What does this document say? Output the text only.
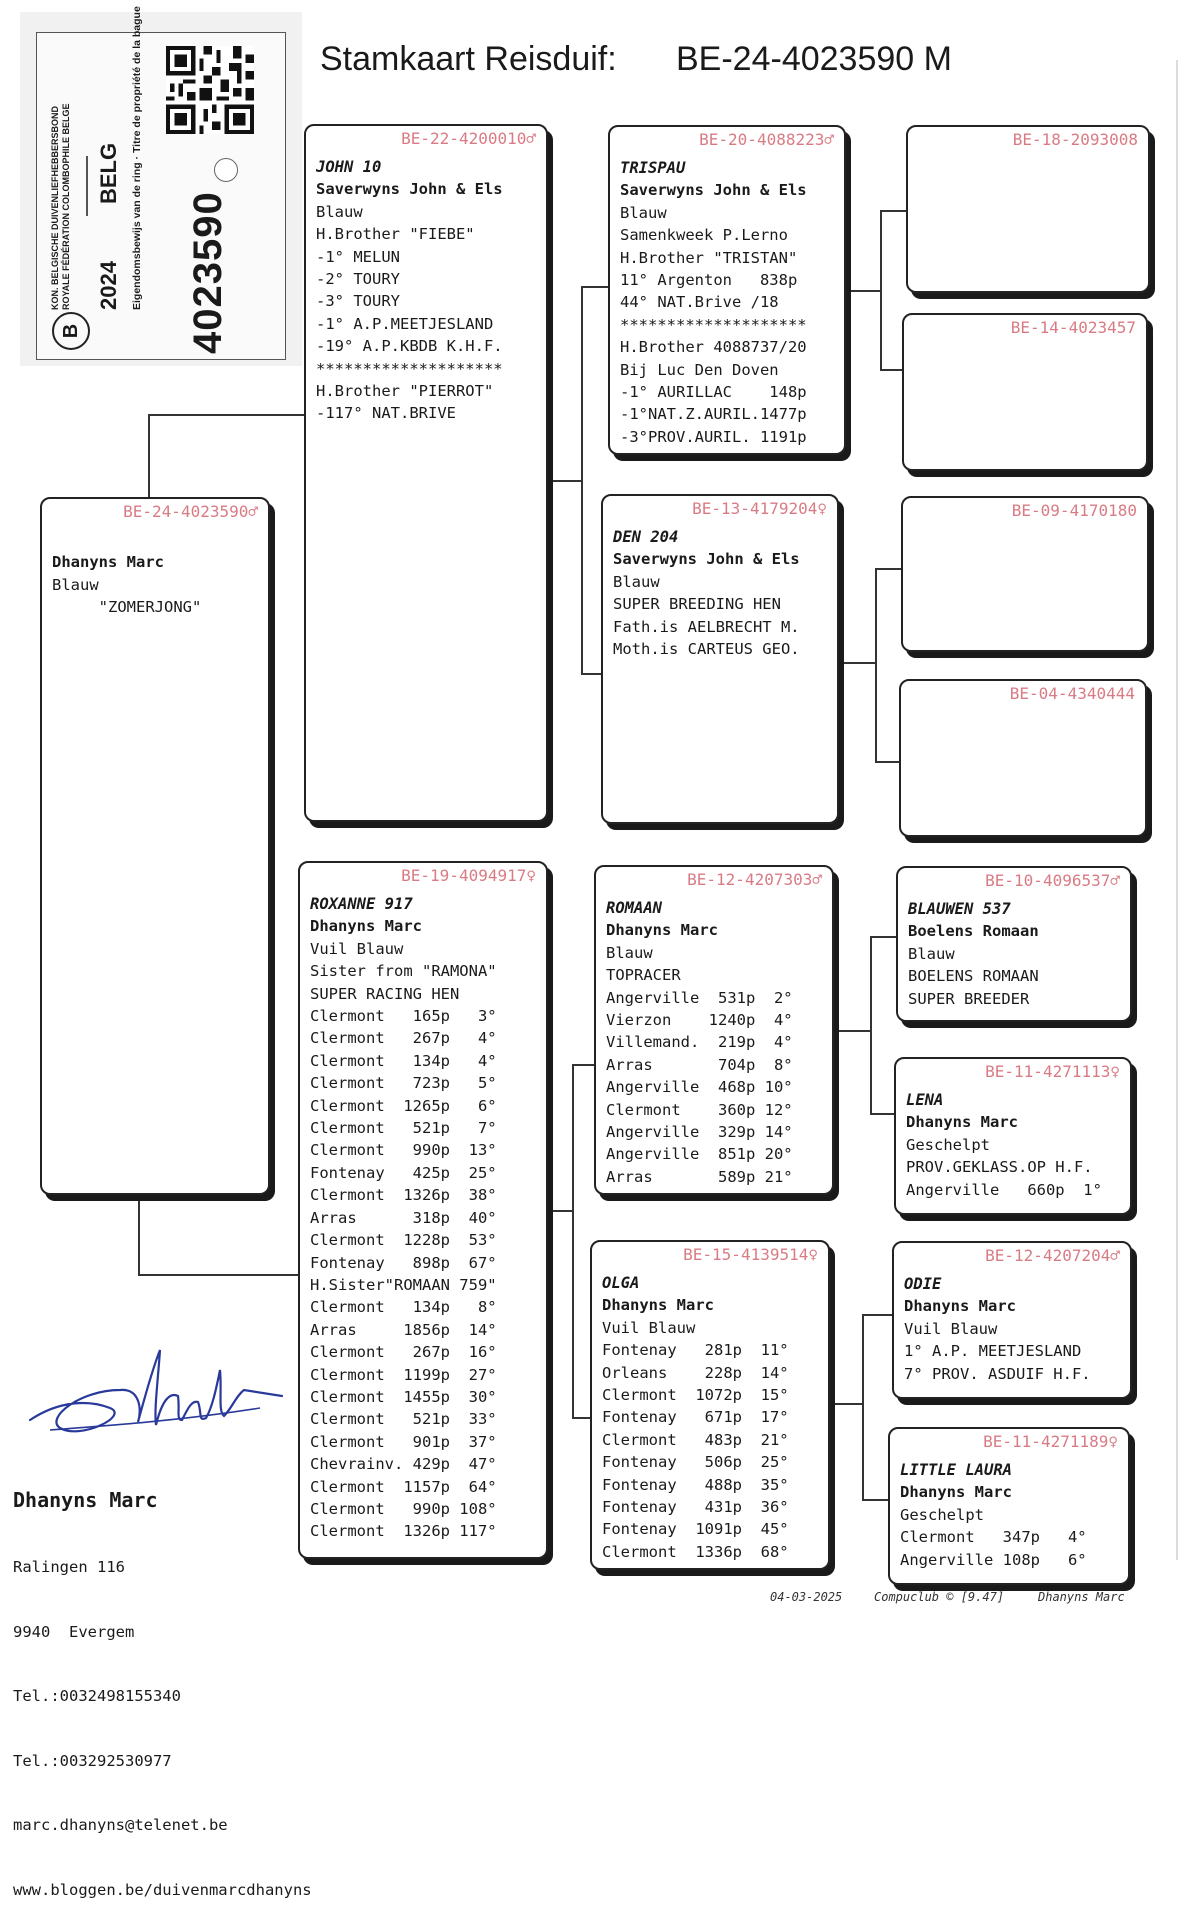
B
KON. BELGISCHE DUIVENLIEFHEBBERSBOND ROYALE FÉDÉRATION COLOMBOPHILE BELGE 2024
BELG Eigendomsbewijs van de ring · Titre de propriété de la bague 4023590
Stamkaart Reisduif: BE-24-4023590 M
BE-24-4023590♂

Dhanyns Marc
Blauw
"ZOMERJONG"
BE-22-4200010♂
JOHN 10
Saverwyns John & Els
Blauw
H.Brother "FIEBE"
-1° MELUN
-2° TOURY
-3° TOURY
-1° A.P.MEETJESLAND
-19° A.P.KBDB K.H.F.
********************
H.Brother "PIERROT"
-117° NAT.BRIVE
BE-19-4094917♀
ROXANNE 917
Dhanyns Marc
Vuil Blauw
Sister from "RAMONA"
SUPER RACING HEN
Clermont   165p   3°
Clermont   267p   4°
Clermont   134p   4°
Clermont   723p   5°
Clermont  1265p   6°
Clermont   521p   7°
Clermont   990p  13°
Fontenay   425p  25°
Clermont  1326p  38°
Arras      318p  40°
Clermont  1228p  53°
Fontenay   898p  67°
H.Sister"ROMAAN 759"
Clermont   134p   8°
Arras     1856p  14°
Clermont   267p  16°
Clermont  1199p  27°
Clermont  1455p  30°
Clermont   521p  33°
Clermont   901p  37°
Chevrainv. 429p  47°
Clermont  1157p  64°
Clermont   990p 108°
Clermont  1326p 117°
BE-20-4088223♂
TRISPAU
Saverwyns John & Els
Blauw
Samenkweek P.Lerno
H.Brother "TRISTAN"
11° Argenton   838p
44° NAT.Brive /18
********************
H.Brother 4088737/20
Bij Luc Den Doven
-1° AURILLAC    148p
-1°NAT.Z.AURIL.1477p
-3°PROV.AURIL. 1191p
BE-13-4179204♀
DEN 204
Saverwyns John & Els
Blauw
SUPER BREEDING HEN
Fath.is AELBRECHT M.
Moth.is CARTEUS GEO.
BE-12-4207303♂
ROMAAN
Dhanyns Marc
Blauw
TOPRACER
Angerville  531p  2°
Vierzon    1240p  4°
Villemand.  219p  4°
Arras       704p  8°
Angerville  468p 10°
Clermont    360p 12°
Angerville  329p 14°
Angerville  851p 20°
Arras       589p 21°
BE-15-4139514♀
OLGA
Dhanyns Marc
Vuil Blauw
Fontenay   281p  11°
Orleans    228p  14°
Clermont  1072p  15°
Fontenay   671p  17°
Clermont   483p  21°
Fontenay   506p  25°
Fontenay   488p  35°
Fontenay   431p  36°
Fontenay  1091p  45°
Clermont  1336p  68°
BE-18-2093008
BE-14-4023457
BE-09-4170180
BE-04-4340444
BE-10-4096537♂
BLAUWEN 537
Boelens Romaan
Blauw
BOELENS ROMAAN
SUPER BREEDER
BE-11-4271113♀
LENA
Dhanyns Marc
Geschelpt
PROV.GEKLASS.OP H.F.
Angerville   660p  1°
BE-12-4207204♂
ODIE
Dhanyns Marc
Vuil Blauw
1° A.P. MEETJESLAND
7° PROV. ASDUIF H.F.
BE-11-4271189♀
LITTLE LAURA
Dhanyns Marc
Geschelpt
Clermont   347p   4°
Angerville 108p   6°

Dhanyns Marc

Ralingen 116

9940  Evergem

Tel.:0032498155340

Tel.:003292530977

marc.dhanyns@telenet.be

www.bloggen.be/duivenmarcdhanyns

04-03-2025	Compuclub © [9.47]	Dhanyns Marc
